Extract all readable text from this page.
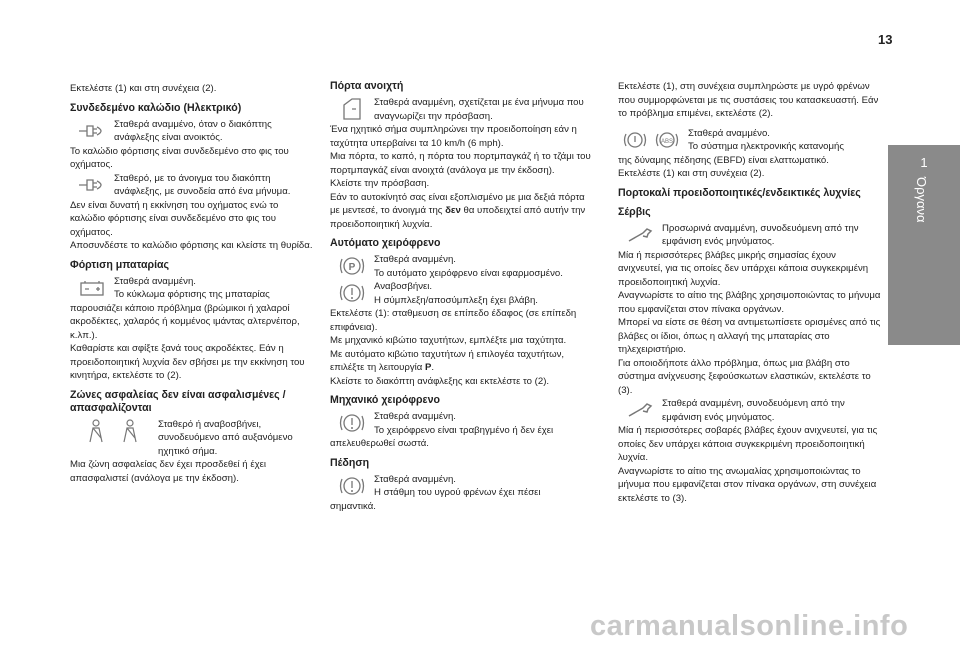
13
1
Όργανα

Εκτελέστε (1) και στη συνέχεια (2).

Συνδεδεμένο καλώδιο (Ηλεκτρικό)

Σταθερά αναμμένο, όταν ο διακόπτης ανάφλεξης είναι ανοικτός.

Το καλώδιο φόρτισης είναι συνδεδεμένο στο φις του οχήματος.

Σταθερό, με το άνοιγμα του διακόπτη ανάφλεξης, με συνοδεία από ένα μήνυμα.

Δεν είναι δυνατή η εκκίνηση του οχήματος ενώ το καλώδιο φόρτισης είναι συνδεδεμένο στο φις του οχήματος.

Αποσυνδέστε το καλώδιο φόρτισης και κλείστε τη θυρίδα.

Φόρτιση μπαταρίας

Σταθερά αναμμένη.
Το κύκλωμα φόρτισης της μπαταρίας

παρουσιάζει κάποιο πρόβλημα (βρώμικοι ή χαλαροί ακροδέκτες, χαλαρός ή κομμένος ιμάντας αλτερνέιτορ, κ.λπ.).

Καθαρίστε και σφίξτε ξανά τους ακροδέκτες. Εάν η προειδοποιητική λυχνία δεν σβήσει με την εκκίνηση του κινητήρα, εκτελέστε το (2).

Ζώνες ασφαλείας δεν είναι ασφαλισμένες / απασφαλίζονται

Σταθερό ή αναβοσβήνει, συνοδευόμενο από αυξανόμενο ηχητικό σήμα.

Μια ζώνη ασφαλείας δεν έχει προσδεθεί ή έχει απασφαλιστεί (ανάλογα με την έκδοση).

Πόρτα ανοιχτή

Σταθερά αναμμένη, σχετίζεται με ένα μήνυμα που αναγνωρίζει την πρόσβαση.

Ένα ηχητικό σήμα συμπληρώνει την προειδοποίηση εάν η ταχύτητα υπερβαίνει τα 10 km/h (6 mph).

Μια πόρτα, το καπό, η πόρτα του πορτμπαγκάζ ή το τζάμι του πορτμπαγκάζ είναι ανοιχτά (ανάλογα με την έκδοση).

Κλείστε την πρόσβαση.

Εάν το αυτοκίνητό σας είναι εξοπλισμένο με μια δεξιά πόρτα με μεντεσέ, το άνοιγμά της δεν θα υποδειχτεί από αυτήν την προειδοποιητική λυχνία.

Αυτόματο χειρόφρενο
P

Σταθερά αναμμένη.
Το αυτόματο χειρόφρενο είναι εφαρμοσμένο.

Αναβοσβήνει.
Η σύμπλεξη/αποσύμπλεξη έχει βλάβη.

Εκτελέστε (1): σταθμευση σε επίπεδο έδαφος (σε επίπεδη επιφάνεια).

Με μηχανικό κιβώτιο ταχυτήτων, εμπλέξτε μια ταχύτητα.

Με αυτόματο κιβώτιο ταχυτήτων ή επιλογέα ταχυτήτων, επιλέξτε τη λειτουργία P.

Κλείστε το διακόπτη ανάφλεξης και εκτελέστε το (2).

Μηχανικό χειρόφρενο

Σταθερά αναμμένη.
Το χειρόφρενο είναι τραβηγμένο ή δεν έχει

απελευθερωθεί σωστά.

Πέδηση

Σταθερά αναμμένη.
Η στάθμη του υγρού φρένων έχει πέσει

σημαντικά.

Εκτελέστε (1), στη συνέχεια συμπληρώστε με υγρό φρένων που συμμορφώνεται με τις συστάσεις του κατασκευαστή. Εάν το πρόβλημα επιμένει, εκτελέστε (2).

ABS

Σταθερά αναμμένο.
Το σύστημα ηλεκτρονικής κατανομής

της δύναμης πέδησης (EBFD) είναι ελαττωματικό.

Εκτελέστε (1) και στη συνέχεια (2).

Πορτοκαλί προειδοποιητικές/ενδεικτικές λυχνίες
Σέρβις

Προσωρινά αναμμένη, συνοδευόμενη από την εμφάνιση ενός μηνύματος.

Μία ή περισσότερες βλάβες μικρής σημασίας έχουν ανιχνευτεί, για τις οποίες δεν υπάρχει κάποια συγκεκριμένη προειδοποιητική λυχνία.

Αναγνωρίστε το αίτιο της βλάβης χρησιμοποιώντας το μήνυμα που εμφανίζεται στον πίνακα οργάνων.

Μπορεί να είστε σε θέση να αντιμετωπίσετε ορισμένες από τις βλάβες οι ίδιοι, όπως η αλλαγή της μπαταρίας στο τηλεχειριστήριο.

Για οποιοδήποτε άλλο πρόβλημα, όπως μια βλάβη στο σύστημα ανίχνευσης ξεφούσκωτων ελαστικών, εκτελέστε το (3).

Σταθερά αναμμένη, συνοδευόμενη από την εμφάνιση ενός μηνύματος.

Μία ή περισσότερες σοβαρές βλάβες έχουν ανιχνευτεί, για τις οποίες δεν υπάρχει κάποια συγκεκριμένη προειδοποιητική λυχνία.

Αναγνωρίστε το αίτιο της ανωμαλίας χρησιμοποιώντας το μήνυμα που εμφανίζεται στον πίνακα οργάνων, στη συνέχεια εκτελέστε το (3).

carmanualsonline.info
